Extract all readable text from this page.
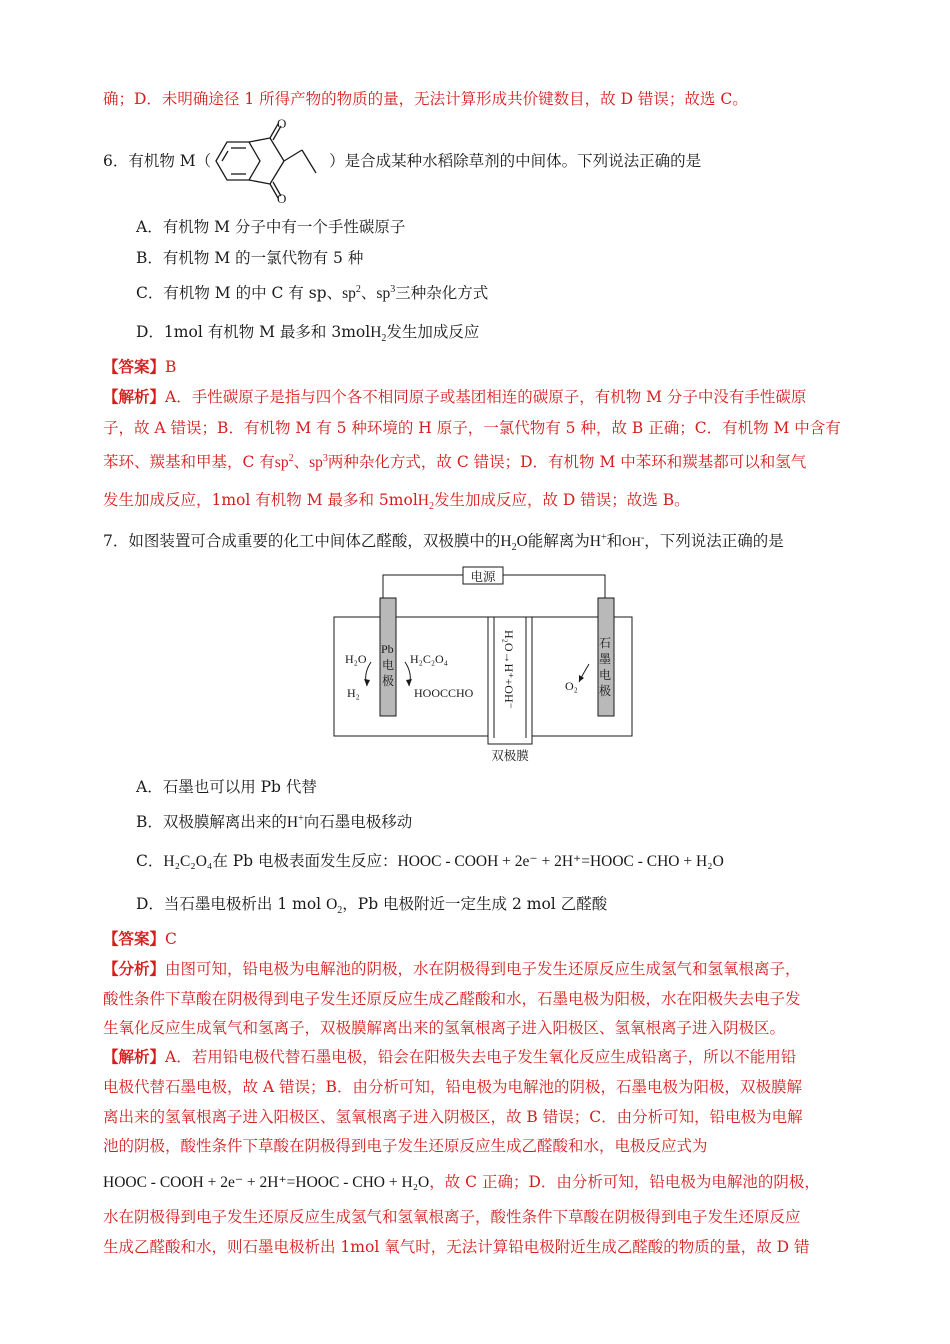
确；D．未明确途径 1 所得产物的物质的量，无法计算形成共价键数目，故 D 错误；故选 C。
6．有机物 M（	）是合成某种水稻除草剂的中间体。下列说法正确的是
O
O
A．有机物 M 分子中有一个手性碳原子
B．有机物 M 的一氯代物有 5 种
C．有机物 M 的中 C 有 sp、$sp^2$、$sp^3$三种杂化方式
D．1mol 有机物 M 最多和 3molH$_2$发生加成反应
【答案】B
【解析】A．手性碳原子是指与四个各不相同原子或基团相连的碳原子，有机物 M 分子中没有手性碳原
子，故 A 错误；B．有机物 M 有 5 种环境的 H 原子，一氯代物有 5 种，故 B 正确；C．有机物 M 中含有
苯环、羰基和甲基，C 有$sp^2$、$sp^3$两种杂化方式，故 C 错误；D．有机物 M 中苯环和羰基都可以和氢气
发生加成反应，1mol 有机物 M 最多和 5molH$_2$发生加成反应，故 D 错误；故选 B。
7．如图装置可合成重要的化工中间体乙醛酸，双极膜中的$H_2O$能解离为H+和OH-，下列说法正确的是
电源
Pb
电
极
石
墨
电
极
H₂O
H₂
H₂C₂O₄
HOOCCHO	O₂
H₂O→H⁺+OH⁻
双极膜
A．石墨也可以用 Pb 代替
B．双极膜解离出来的H+向石墨电极移动
C．H₂C₂O₄在 Pb 电极表面发生反应：HOOC - COOH + 2e⁻ + 2H⁺=HOOC - CHO + H₂O
D．当石墨电极析出 1 mol $O_2$，Pb 电极附近一定生成 2 mol 乙醛酸
【答案】C
【分析】由图可知，铅电极为电解池的阴极，水在阴极得到电子发生还原反应生成氢气和氢氧根离子，
酸性条件下草酸在阴极得到电子发生还原反应生成乙醛酸和水，石墨电极为阳极，水在阳极失去电子发
生氧化反应生成氧气和氢离子，双极膜解离出来的氢氧根离子进入阳极区、氢氧根离子进入阴极区。
【解析】A．若用铅电极代替石墨电极，铅会在阳极失去电子发生氧化反应生成铅离子，所以不能用铅
电极代替石墨电极，故 A 错误；B．由分析可知，铅电极为电解池的阴极，石墨电极为阳极，双极膜解
离出来的氢氧根离子进入阳极区、氢氧根离子进入阴极区，故 B 错误；C．由分析可知，铅电极为电解
池的阴极，酸性条件下草酸在阴极得到电子发生还原反应生成乙醛酸和水，电极反应式为
HOOC - COOH + 2e⁻ + 2H⁺=HOOC - CHO + H₂O，故 C 正确；D．由分析可知，铅电极为电解池的阴极，
水在阴极得到电子发生还原反应生成氢气和氢氧根离子，酸性条件下草酸在阴极得到电子发生还原反应
生成乙醛酸和水，则石墨电极析出 1mol 氧气时，无法计算铅电极附近生成乙醛酸的物质的量，故 D 错
